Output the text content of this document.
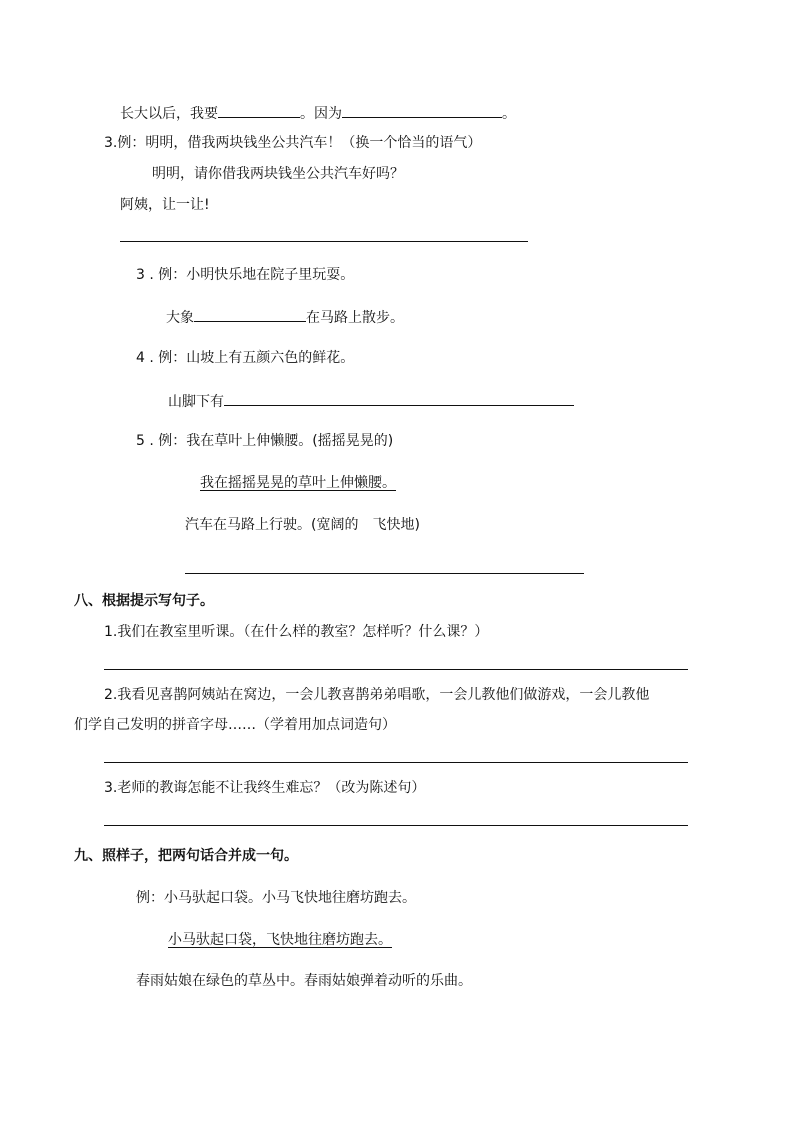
长大以后，我要	。因为	。
3.例：明明，借我两块钱坐公共汽车！（换一个恰当的语气）
明明，请你借我两块钱坐公共汽车好吗？
阿姨，让一让!
3 . 例：小明快乐地在院子里玩耍。
大象	在马路上散步。
4 . 例：山坡上有五颜六色的鲜花。
山脚下有
5 . 例：我在草叶上伸懒腰。(摇摇晃晃的)
我在摇摇晃晃的草叶上伸懒腰。
汽车在马路上行驶。(宽阔的　飞快地)
八、根据提示写句子。
1.我们在教室里听课。（在什么样的教室？怎样听？什么课？）
2.我看见喜鹊阿姨站在窝边，一会儿教喜鹊弟弟唱歌，一会儿教他们做游戏，一会儿教他
们学自己发明的拼音字母……（学着用加点词造句）
3.老师的教诲怎能不让我终生难忘？（改为陈述句）
九、照样子，把两句话合并成一句。
例：小马驮起口袋。小马飞快地往磨坊跑去。
小马驮起口袋，飞快地往磨坊跑去。
春雨姑娘在绿色的草丛中。春雨姑娘弹着动听的乐曲。
